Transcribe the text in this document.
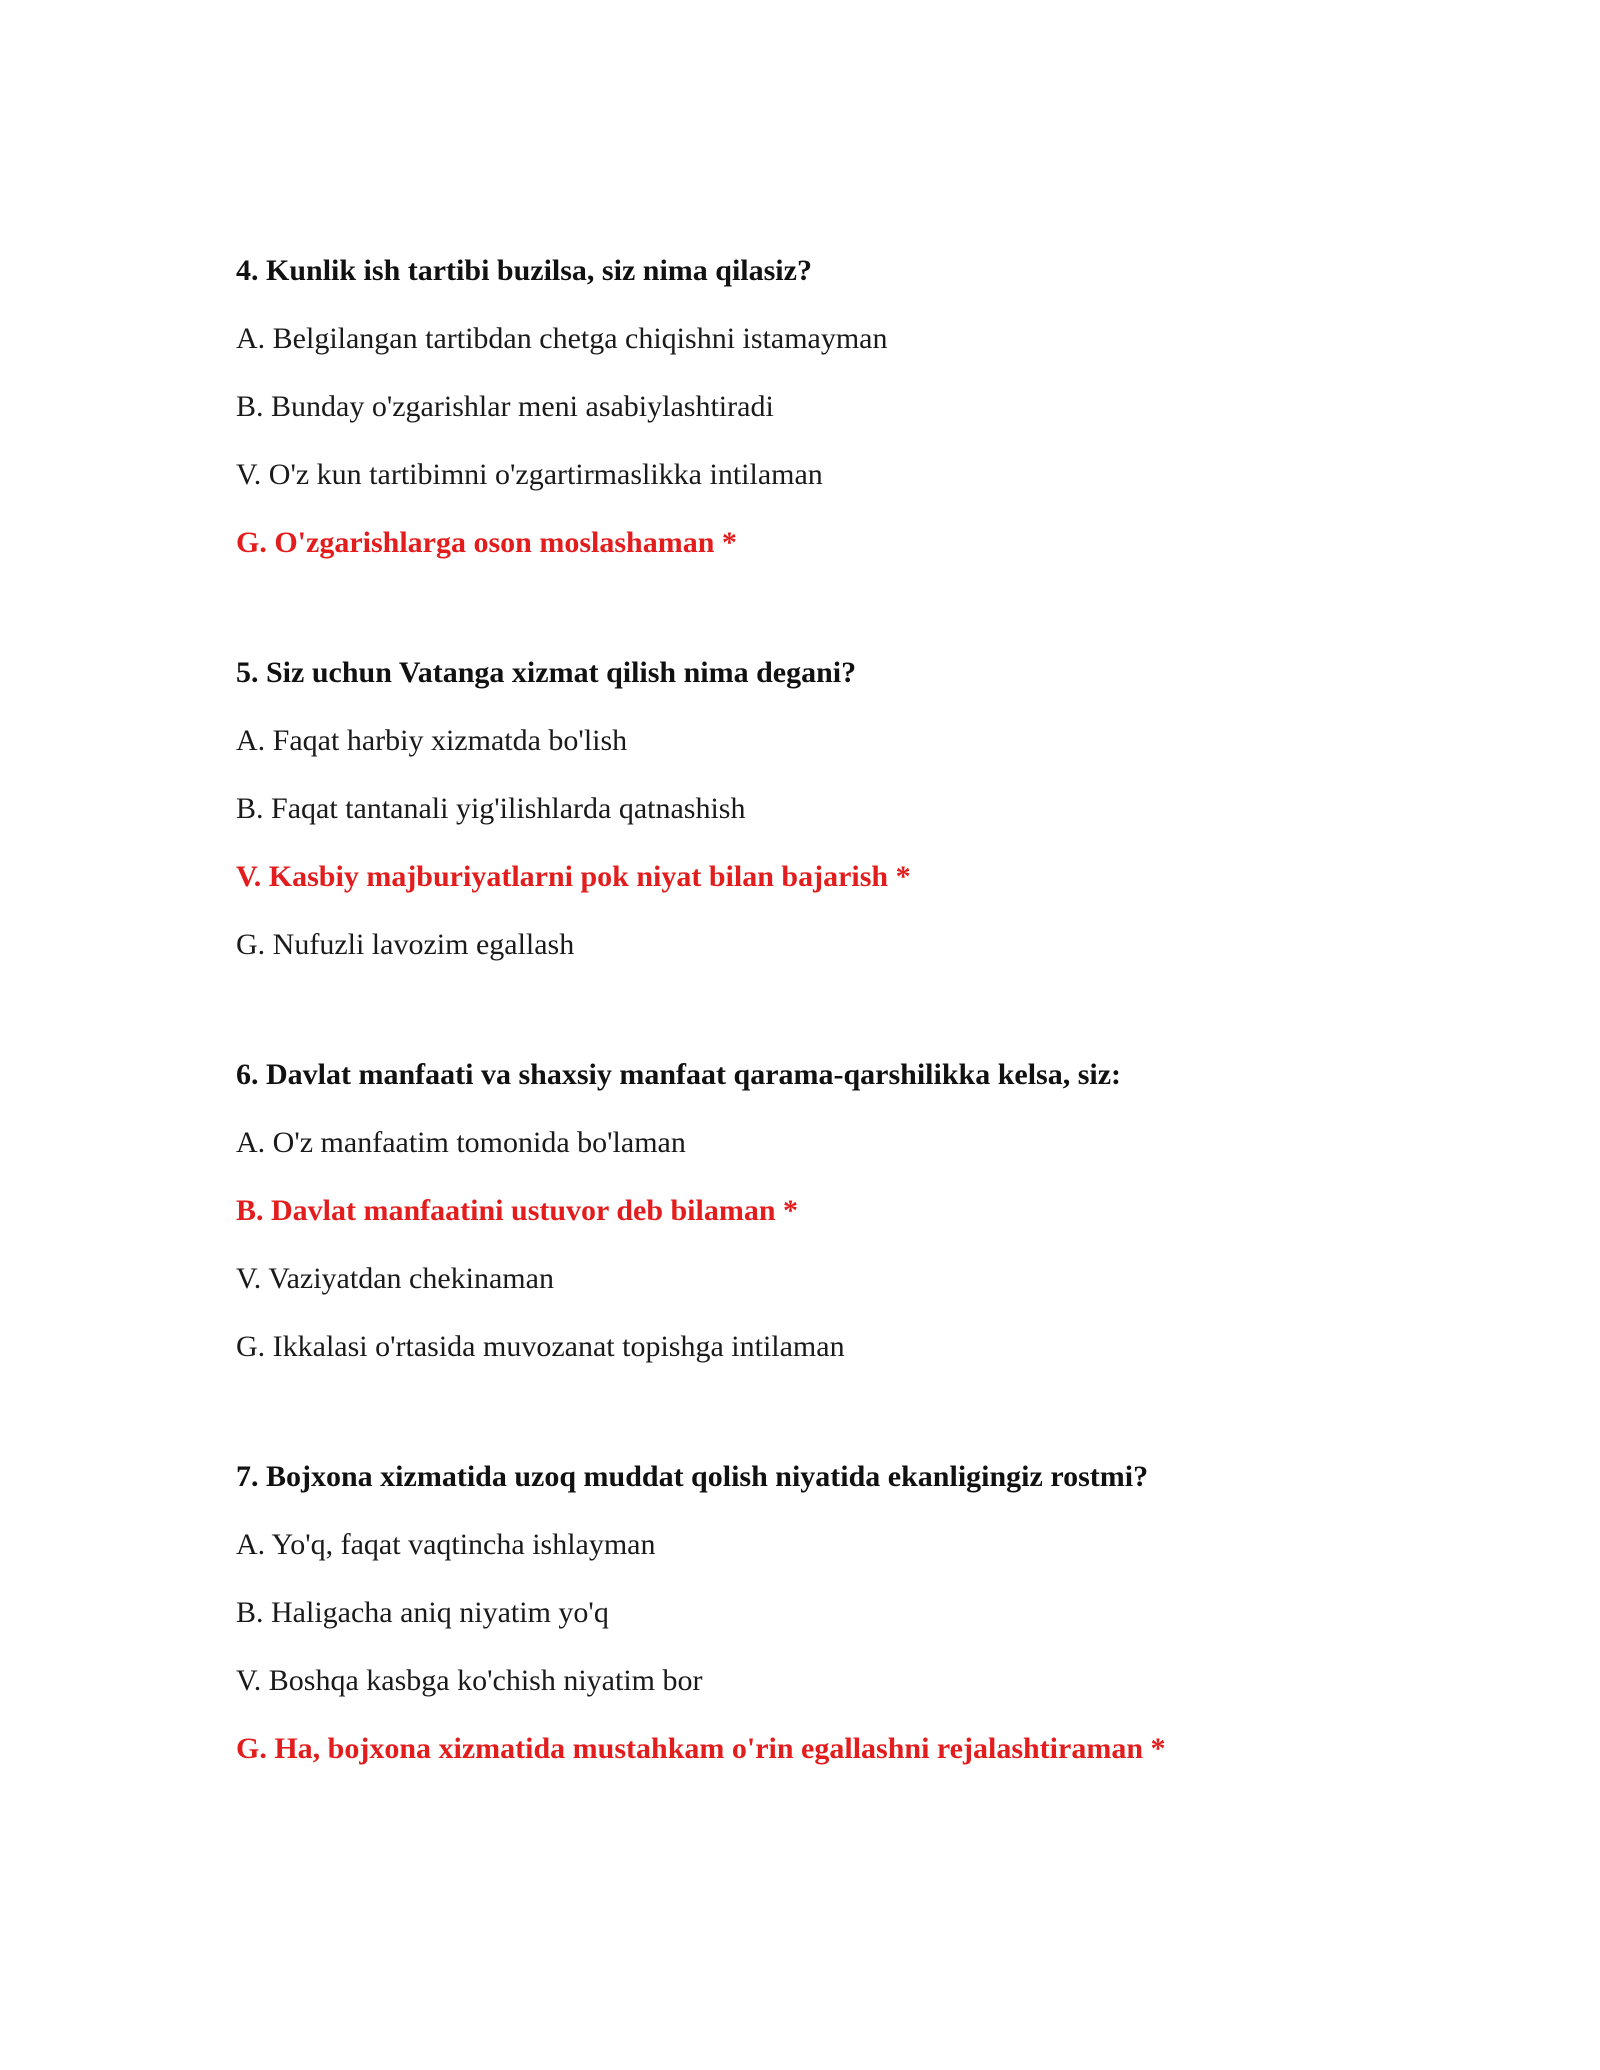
4. Kunlik ish tartibi buzilsa, siz nima qilasiz?

A. Belgilangan tartibdan chetga chiqishni istamayman

B. Bunday o'zgarishlar meni asabiylashtiradi

V. O'z kun tartibimni o'zgartirmaslikka intilaman

G. O'zgarishlarga oson moslashaman *

5. Siz uchun Vatanga xizmat qilish nima degani?

A. Faqat harbiy xizmatda bo'lish

B. Faqat tantanali yig'ilishlarda qatnashish

V. Kasbiy majburiyatlarni pok niyat bilan bajarish *

G. Nufuzli lavozim egallash

6. Davlat manfaati va shaxsiy manfaat qarama-qarshilikka kelsa, siz:

A. O'z manfaatim tomonida bo'laman

B. Davlat manfaatini ustuvor deb bilaman *

V. Vaziyatdan chekinaman

G. Ikkalasi o'rtasida muvozanat topishga intilaman

7. Bojxona xizmatida uzoq muddat qolish niyatida ekanligingiz rostmi?

A. Yo'q, faqat vaqtincha ishlayman

B. Haligacha aniq niyatim yo'q

V. Boshqa kasbga ko'chish niyatim bor

G. Ha, bojxona xizmatida mustahkam o'rin egallashni rejalashtiraman *
